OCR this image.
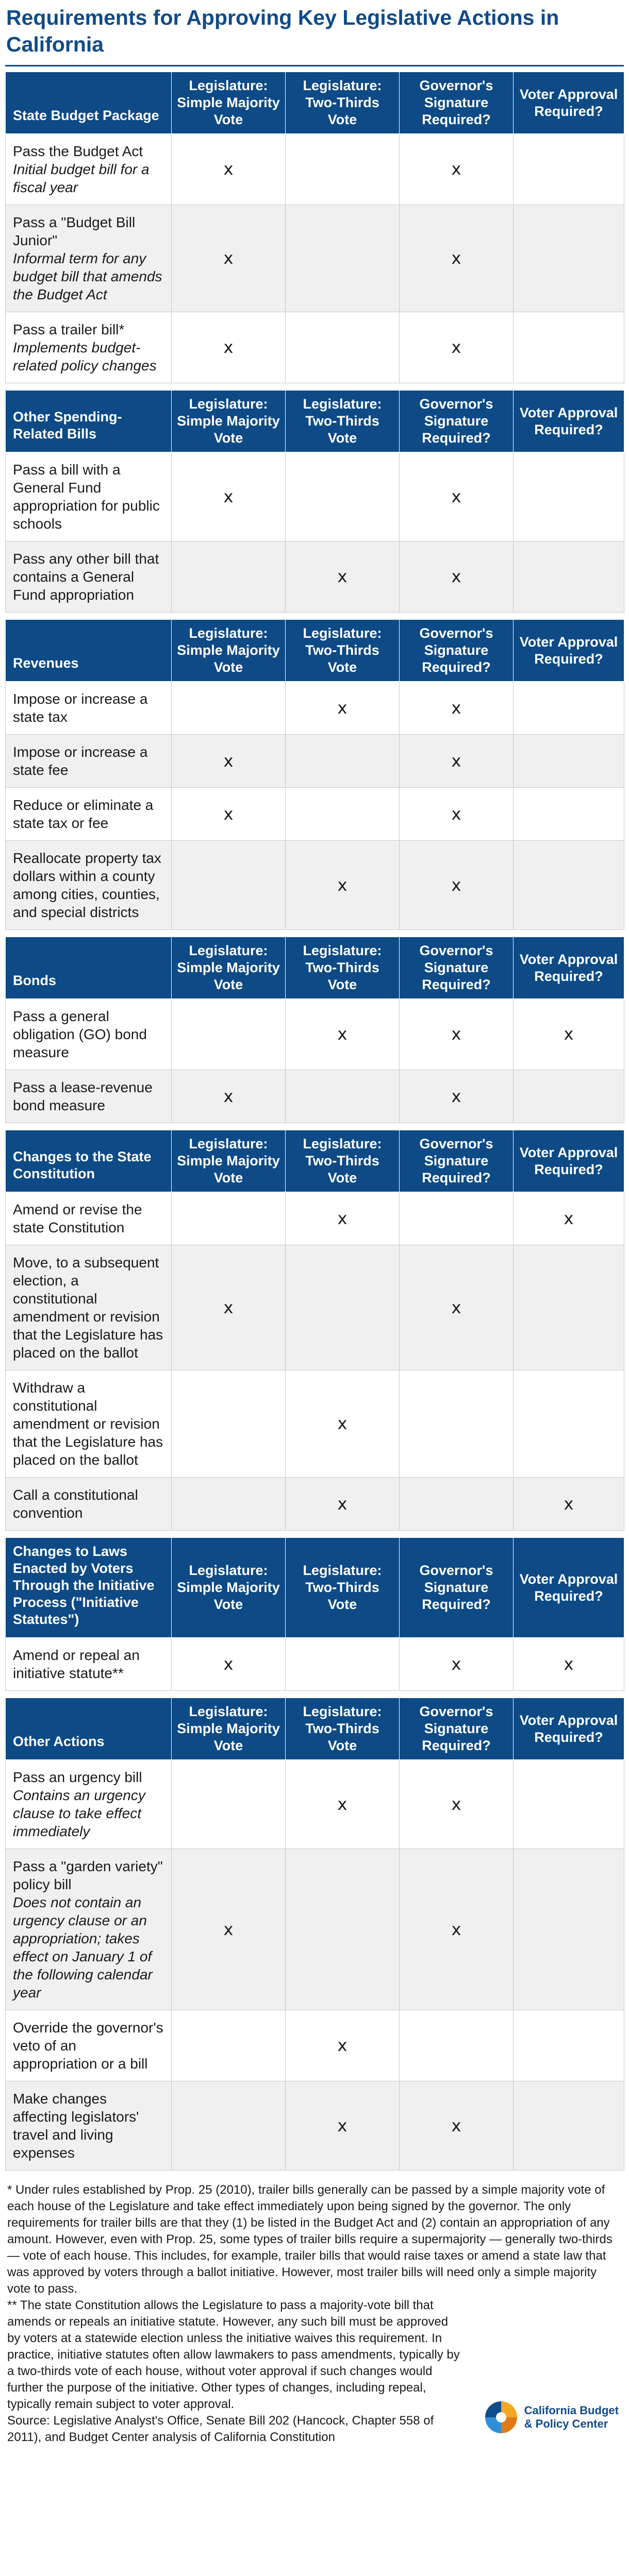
Requirements for Approving Key Legislative Actions in California
State Budget Package	Legislature: Simple Majority Vote	Legislature: Two-Thirds Vote	Governor's Signature Required?	Voter Approval Required?
Pass the Budget Act
Initial budget bill for a fiscal year	x		x	
Pass a "Budget Bill Junior"
Informal term for any budget bill that amends the Budget Act	x		x	
Pass a trailer bill*
Implements budget-related policy changes	x		x	

Other Spending-Related Bills	Legislature: Simple Majority Vote	Legislature: Two-Thirds Vote	Governor's Signature Required?	Voter Approval Required?
Pass a bill with a General Fund appropriation for public schools	x		x	
Pass any other bill that contains a General Fund appropriation		x	x	

Revenues	Legislature: Simple Majority Vote	Legislature: Two-Thirds Vote	Governor's Signature Required?	Voter Approval Required?
Impose or increase a state tax		x	x	
Impose or increase a state fee	x		x	
Reduce or eliminate a state tax or fee	x		x	
Reallocate property tax dollars within a county among cities, counties, and special districts		x	x	

Bonds	Legislature: Simple Majority Vote	Legislature: Two-Thirds Vote	Governor's Signature Required?	Voter Approval Required?
Pass a general obligation (GO) bond measure		x	x	x
Pass a lease-revenue bond measure	x		x	

Changes to the State Constitution	Legislature: Simple Majority Vote	Legislature: Two-Thirds Vote	Governor's Signature Required?	Voter Approval Required?
Amend or revise the state Constitution		x		x
Move, to a subsequent election, a constitutional amendment or revision that the Legislature has placed on the ballot	x		x	
Withdraw a constitutional amendment or revision that the Legislature has placed on the ballot		x		
Call a constitutional convention		x		x

Changes to Laws Enacted by Voters Through the Initiative Process ("Initiative Statutes")	Legislature: Simple Majority Vote	Legislature: Two-Thirds Vote	Governor's Signature Required?	Voter Approval Required?
Amend or repeal an initiative statute**	x		x	x

Other Actions	Legislature: Simple Majority Vote	Legislature: Two-Thirds Vote	Governor's Signature Required?	Voter Approval Required?
Pass an urgency bill
Contains an urgency clause to take effect immediately		x	x	
Pass a "garden variety" policy bill
Does not contain an urgency clause or an appropriation; takes effect on January 1 of the following calendar year	x		x	
Override the governor's veto of an appropriation or a bill		x		
Make changes affecting legislators' travel and living expenses		x	x	

* Under rules established by Prop. 25 (2010), trailer bills generally can be passed by a simple majority vote of each house of the Legislature and take effect immediately upon being signed by the governor. The only requirements for trailer bills are that they (1) be listed in the Budget Act and (2) contain an appropriation of any amount. However, even with Prop. 25, some types of trailer bills require a supermajority — generally two-thirds — vote of each house. This includes, for example, trailer bills that would raise taxes or amend a state law that was approved by voters through a ballot initiative. However, most trailer bills will need only a simple majority vote to pass.

** The state Constitution allows the Legislature to pass a majority-vote bill that amends or repeals an initiative statute. However, any such bill must be approved by voters at a statewide election unless the initiative waives this requirement. In practice, initiative statutes often allow lawmakers to pass amendments, typically by a two-thirds vote of each house, without voter approval if such changes would further the purpose of the initiative. Other types of changes, including repeal, typically remain subject to voter approval.

Source: Legislative Analyst's Office, Senate Bill 202 (Hancock, Chapter 558 of 2011), and Budget Center analysis of California Constitution

California Budget
& Policy Center
